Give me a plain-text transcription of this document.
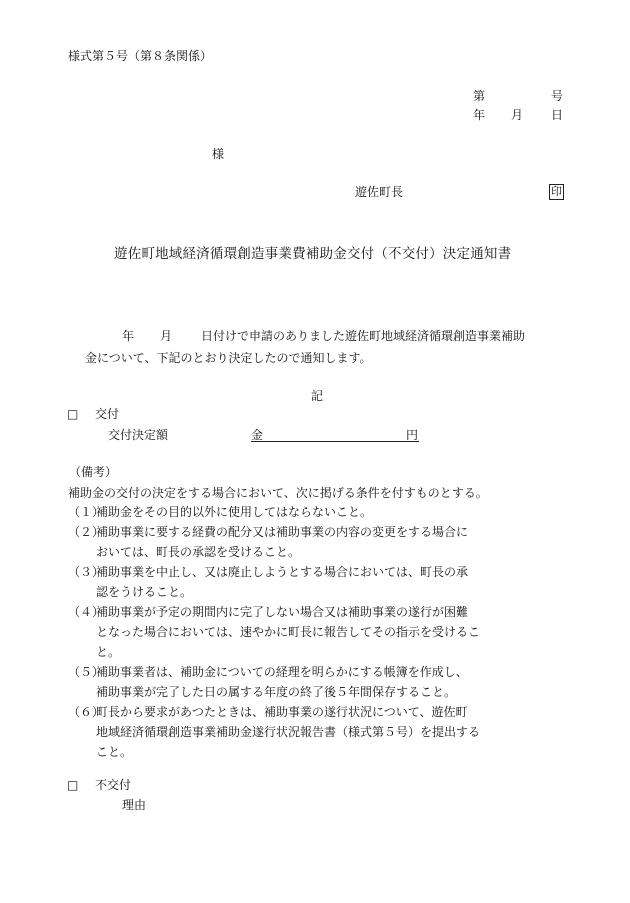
様式第５号（第８条関係）
第	号
年 月 日
様
遊佐町長	印
遊佐町地域経済循環創造事業費補助金交付（不交付）決定通知書
年 月 日付けで申請のありました遊佐町地域経済循環創造事業補助
金について、下記のとおり決定したので通知します。
記
□ 交付
交付決定額	金	円
（備考）
補助金の交付の決定をする場合において、次に掲げる条件を付すものとする。
（１）
補助金をその目的以外に使用してはならないこと。
（２）
補助事業に要する経費の配分又は補助事業の内容の変更をする場合に
おいては、町長の承認を受けること。
（３）
補助事業を中止し、又は廃止しようとする場合においては、町長の承
認をうけること。
（４）
補助事業が予定の期間内に完了しない場合又は補助事業の遂行が困難
となった場合においては、速やかに町長に報告してその指示を受けるこ
と。
（５）
補助事業者は、補助金についての経理を明らかにする帳簿を作成し、
補助事業が完了した日の属する年度の終了後５年間保存すること。
（６）
町長から要求があつたときは、補助事業の遂行状況について、遊佐町
地域経済循環創造事業補助金遂行状況報告書（様式第５号）を提出する
こと。
□ 不交付
理由
